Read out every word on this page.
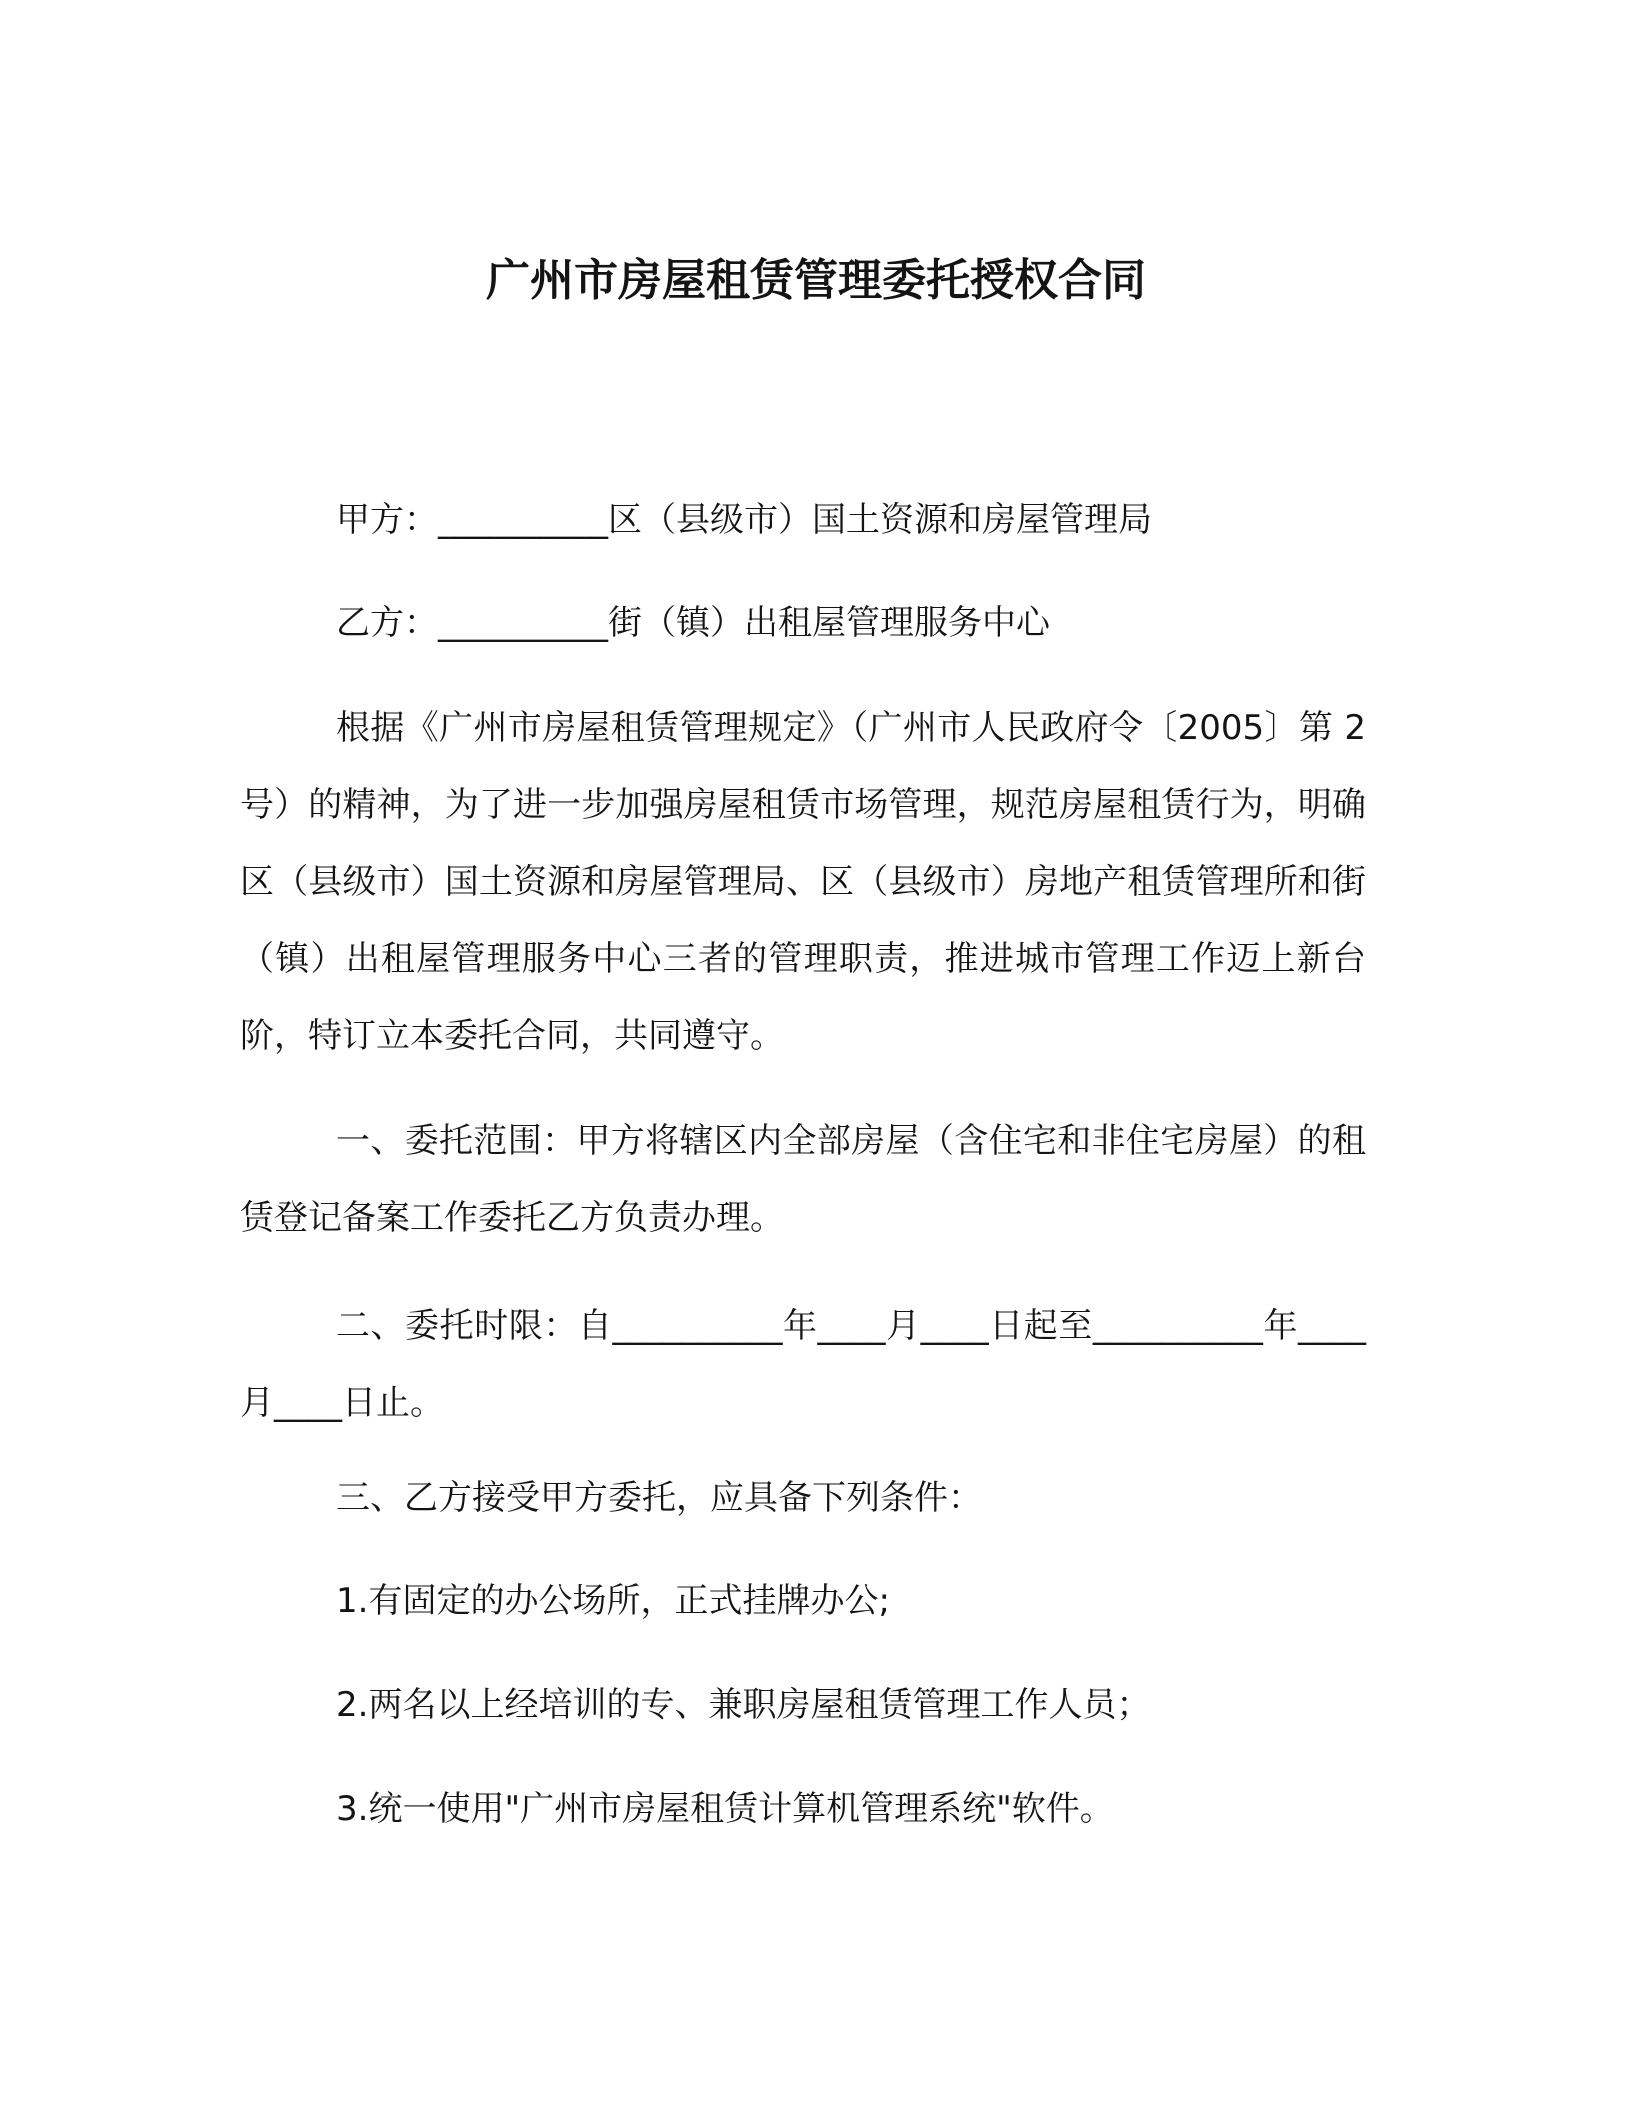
广州市房屋租赁管理委托授权合同

甲方：__________区（县级市）国土资源和房屋管理局

乙方：__________街（镇）出租屋管理服务中心

根据《广州市房屋租赁管理规定》（广州市人民政府令〔2005〕第 2 号）的精神，为了进一步加强房屋租赁市场管理，规范房屋租赁行为，明确区（县级市）国土资源和房屋管理局、区（县级市）房地产租赁管理所和街（镇）出租屋管理服务中心三者的管理职责，推进城市管理工作迈上新台阶，特订立本委托合同，共同遵守。

一、委托范围：甲方将辖区内全部房屋（含住宅和非住宅房屋）的租赁登记备案工作委托乙方负责办理。

二、委托时限：自__________年____月____日起至__________年____月____日止。

三、乙方接受甲方委托，应具备下列条件：

1.有固定的办公场所，正式挂牌办公;

2.两名以上经培训的专、兼职房屋租赁管理工作人员；

3.统一使用"广州市房屋租赁计算机管理系统"软件。
